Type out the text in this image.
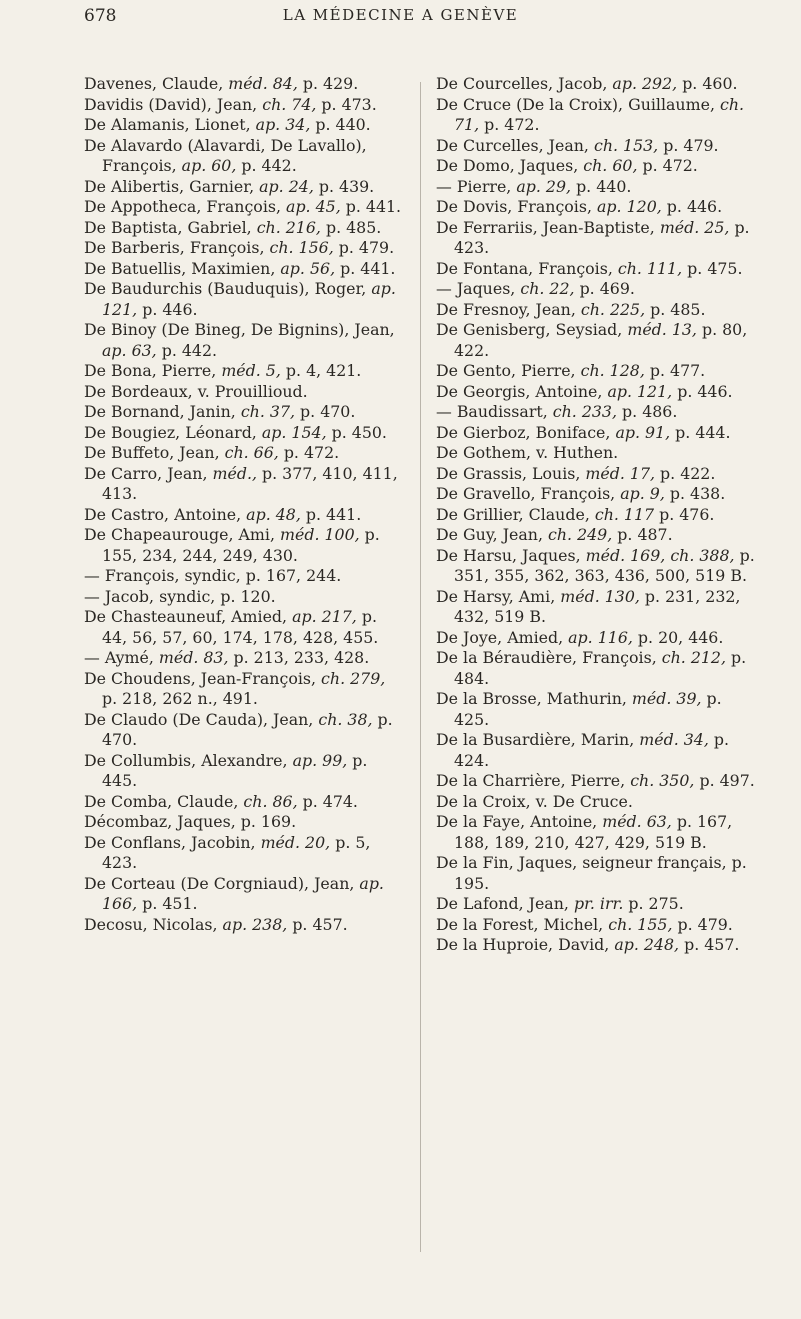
678	LA MÉDECINE A GENÈVE

Davenes, Claude, méd. 84, p. 429.

Davidis (David), Jean, ch. 74, p. 473.

De Alamanis, Lionet, ap. 34, p. 440.

De Alavardo (Alavardi, De Lavallo), François, ap. 60, p. 442.

De Alibertis, Garnier, ap. 24, p. 439.

De Appotheca, François, ap. 45, p. 441.

De Baptista, Gabriel, ch. 216, p. 485.

De Barberis, François, ch. 156, p. 479.

De Batuellis, Maximien, ap. 56, p. 441.

De Baudurchis (Bauduquis), Roger, ap. 121, p. 446.

De Binoy (De Bineg, De Bignins), Jean, ap. 63, p. 442.

De Bona, Pierre, méd. 5, p. 4, 421.

De Bordeaux, v. Prouillioud.

De Bornand, Janin, ch. 37, p. 470.

De Bougiez, Léonard, ap. 154, p. 450.

De Buffeto, Jean, ch. 66, p. 472.

De Carro, Jean, méd., p. 377, 410, 411, 413.

De Castro, Antoine, ap. 48, p. 441.

De Chapeaurouge, Ami, méd. 100, p. 155, 234, 244, 249, 430.

— François, syndic, p. 167, 244.

— Jacob, syndic, p. 120.

De Chasteauneuf, Amied, ap. 217, p. 44, 56, 57, 60, 174, 178, 428, 455.

— Aymé, méd. 83, p. 213, 233, 428.

De Choudens, Jean-François, ch. 279, p. 218, 262 n., 491.

De Claudo (De Cauda), Jean, ch. 38, p. 470.

De Collumbis, Alexandre, ap. 99, p. 445.

De Comba, Claude, ch. 86, p. 474.

Décombaz, Jaques, p. 169.

De Conflans, Jacobin, méd. 20, p. 5, 423.

De Corteau (De Corgniaud), Jean, ap. 166, p. 451.

Decosu, Nicolas, ap. 238, p. 457.

De Courcelles, Jacob, ap. 292, p. 460.

De Cruce (De la Croix), Guillaume, ch. 71, p. 472.

De Curcelles, Jean, ch. 153, p. 479.

De Domo, Jaques, ch. 60, p. 472.

— Pierre, ap. 29, p. 440.

De Dovis, François, ap. 120, p. 446.

De Ferrariis, Jean-Baptiste, méd. 25, p. 423.

De Fontana, François, ch. 111, p. 475.

— Jaques, ch. 22, p. 469.

De Fresnoy, Jean, ch. 225, p. 485.

De Genisberg, Seysiad, méd. 13, p. 80, 422.

De Gento, Pierre, ch. 128, p. 477.

De Georgis, Antoine, ap. 121, p. 446.

— Baudissart, ch. 233, p. 486.

De Gierboz, Boniface, ap. 91, p. 444.

De Gothem, v. Huthen.

De Grassis, Louis, méd. 17, p. 422.

De Gravello, François, ap. 9, p. 438.

De Grillier, Claude, ch. 117 p. 476.

De Guy, Jean, ch. 249, p. 487.

De Harsu, Jaques, méd. 169, ch. 388, p. 351, 355, 362, 363, 436, 500, 519 B.

De Harsy, Ami, méd. 130, p. 231, 232, 432, 519 B.

De Joye, Amied, ap. 116, p. 20, 446.

De la Béraudière, François, ch. 212, p. 484.

De la Brosse, Mathurin, méd. 39, p. 425.

De la Busardière, Marin, méd. 34, p. 424.

De la Charrière, Pierre, ch. 350, p. 497.

De la Croix, v. De Cruce.

De la Faye, Antoine, méd. 63, p. 167, 188, 189, 210, 427, 429, 519 B.

De la Fin, Jaques, seigneur français, p. 195.

De Lafond, Jean, pr. irr. p. 275.

De la Forest, Michel, ch. 155, p. 479.

De la Huproie, David, ap. 248, p. 457.
